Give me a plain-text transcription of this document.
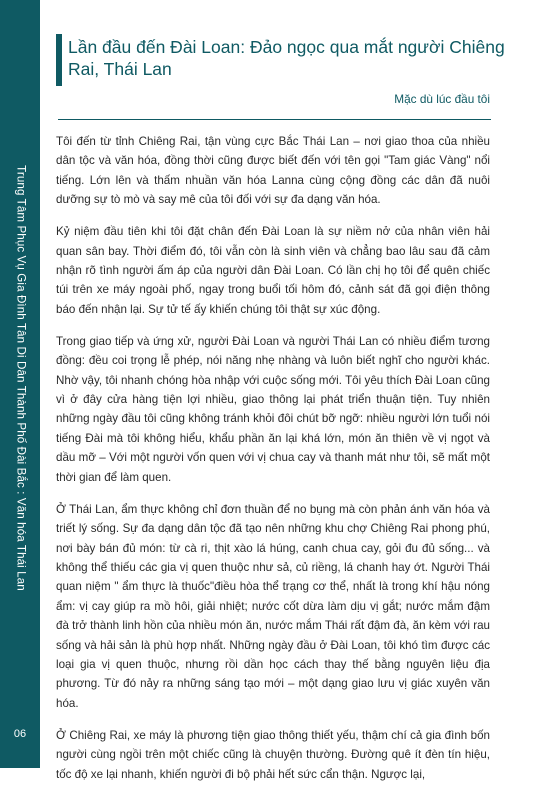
Trung Tâm Phục Vụ Gia Đình Tân Di Dân Thành Phố Đài Bắc : Văn hóa Thái Lan
06
Lần đầu đến Đài Loan: Đảo ngọc qua mắt người Chiêng Rai, Thái Lan
Mặc dù lúc đầu tôi

Tôi đến từ tỉnh Chiêng Rai, tận vùng cực Bắc Thái Lan – nơi giao thoa của nhiều dân tộc và văn hóa, đồng thời cũng được biết đến với tên gọi "Tam giác Vàng" nổi tiếng. Lớn lên và thấm nhuần văn hóa Lanna cùng cộng đồng các dân đã nuôi dưỡng sự tò mò và say mê của tôi đối với sự đa dạng văn hóa.

Kỷ niệm đầu tiên khi tôi đặt chân đến Đài Loan là sự niềm nở của nhân viên hải quan sân bay. Thời điểm đó, tôi vẫn còn là sinh viên và chẳng bao lâu sau đã cảm nhận rõ tình người ấm áp của người dân Đài Loan. Có lần chị họ tôi để quên chiếc túi trên xe máy ngoài phố, ngay trong buổi tối hôm đó, cảnh sát đã gọi điện thông báo đến nhận lại. Sự tử tế ấy khiến chúng tôi thật sự xúc động.

Trong giao tiếp và ứng xử, người Đài Loan và người Thái Lan có nhiều điểm tương đồng: đều coi trọng lễ phép, nói năng nhẹ nhàng và luôn biết nghĩ cho người khác. Nhờ vậy, tôi nhanh chóng hòa nhập với cuộc sống mới. Tôi yêu thích Đài Loan cũng vì ở đây cửa hàng tiện lợi nhiều, giao thông lại phát triển thuận tiện. Tuy nhiên những ngày đầu tôi cũng không tránh khỏi đôi chút bỡ ngỡ: nhiều người lớn tuổi nói tiếng Đài mà tôi không hiểu, khẩu phần ăn lại khá lớn, món ăn thiên về vị ngọt và dầu mỡ – Với một người vốn quen với vị chua cay và thanh mát như tôi, sẽ mất một thời gian để làm quen.

Ở Thái Lan, ẩm thực không chỉ đơn thuần để no bụng mà còn phản ánh văn hóa và triết lý sống. Sự đa dạng dân tộc đã tạo nên những khu chợ Chiêng Rai phong phú, nơi bày bán đủ món: từ cà ri, thịt xào lá húng, canh chua cay, gỏi đu đủ sống... và không thể thiếu các gia vị quen thuộc như sả, củ riềng, lá chanh hay ớt. Người Thái quan niệm " ẩm thực là thuốc"điều hòa thể trạng cơ thể, nhất là trong khí hậu nóng ẩm: vị cay giúp ra mồ hôi, giải nhiệt; nước cốt dừa làm dịu vị gắt; nước mắm đậm đà trở thành linh hồn của nhiều món ăn, nước mắm Thái rất đậm đà, ăn kèm với rau sống và hải sản là phù hợp nhất. Những ngày đầu ở Đài Loan, tôi khó tìm được các loại gia vị quen thuộc, nhưng rồi dần học cách thay thế bằng nguyên liệu địa phương. Từ đó nảy ra những sáng tạo mới – một dạng giao lưu vị giác xuyên văn hóa.

Ở Chiêng Rai, xe máy là phương tiện giao thông thiết yếu, thậm chí cả gia đình bốn người cùng ngồi trên một chiếc cũng là chuyện thường. Đường quê ít đèn tín hiệu, tốc độ xe lại nhanh, khiến người đi bộ phải hết sức cẩn thận. Ngược lại,
